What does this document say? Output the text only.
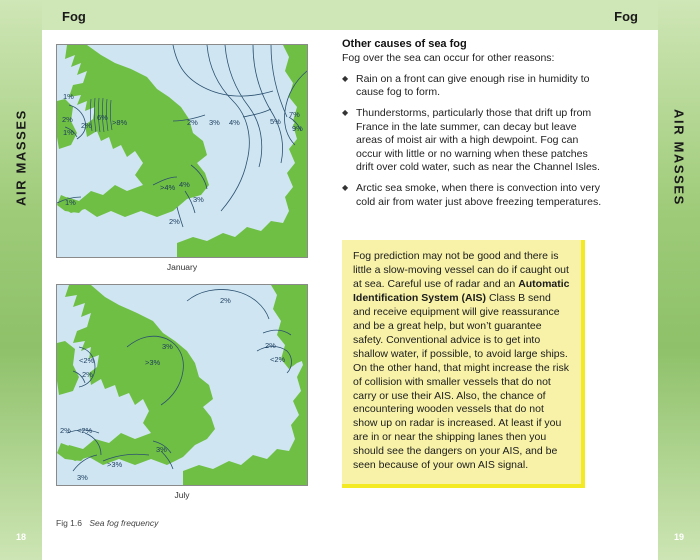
AIR MASSES
18
AIR MASSES
19
Fog	Fog
1%
2%	6%
2%
1%
>8%	2% 3% 4%	5%
7%
9%
1%
>4% 4%
3%
2%
January
2%
3%
>3%
<2%
2%
2%
<2%
2% <2%
3%
>3%
3%
July
Fig 1.6 Sea fog frequency
Other causes of sea fog

Fog over the sea can occur for other reasons:

◆ Rain on a front can give enough rise in humidity to cause fog to form.
◆ Thunderstorms, particularly those that drift up from France in the late summer, can decay but leave areas of moist air with a high dewpoint. Fog can occur with little or no warning when these patches drift over cold water, such as near the Channel Isles.
◆ Arctic sea smoke, when there is convection into very cold air from water just above freezing temperatures.

Fog prediction may not be good and there is little a slow-moving vessel can do if caught out at sea. Careful use of radar and an Automatic Identification System (AIS) Class B send and receive equipment will give reassurance and be a great help, but won’t guarantee safety. Conventional advice is to get into shallow water, if possible, to avoid large ships. On the other hand, that might increase the risk of collision with smaller vessels that do not carry or use their AIS. Also, the chance of encountering wooden vessels that do not show up on radar is increased. At least if you are in or near the shipping lanes then you should see the dangers on your AIS, and be seen because of your own AIS signal.
